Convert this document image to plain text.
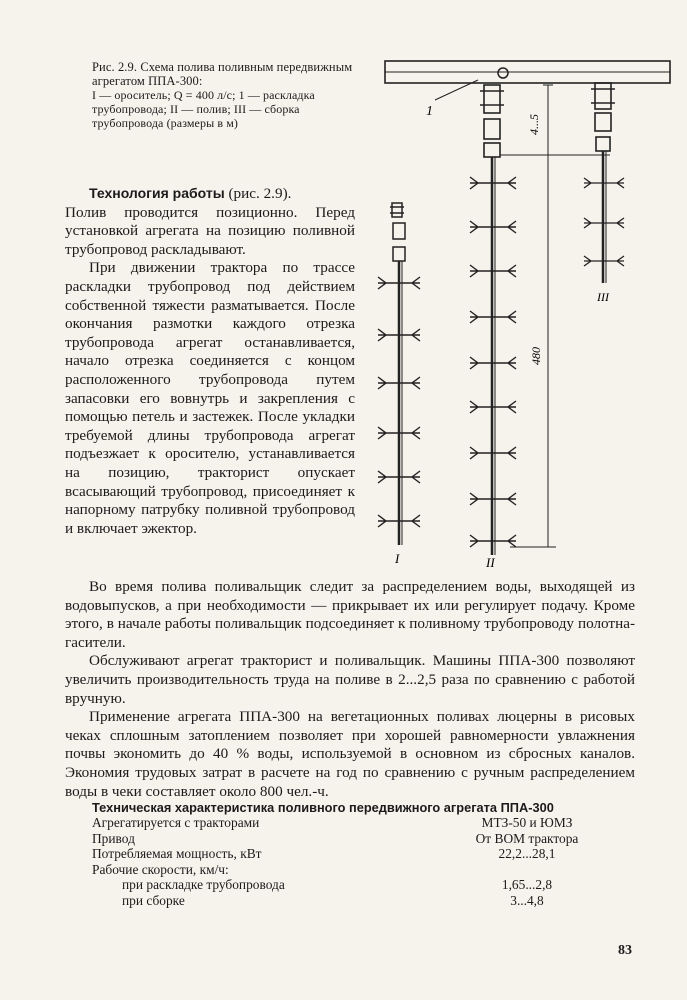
Рис. 2.9. Схема полива поливным передвижным агрегатом ППА-300:
I — ороситель; Q = 400 л/с; 1 — раскладка трубопровода; II — полив; III — сборка трубопровода (размеры в м)
1
I	II
4...5
480
III

Технология работы (рис. 2.9).

Полив проводится позиционно. Перед установкой агрегата на позицию поливной трубопровод раскладывают.

При движении трактора по трассе раскладки трубопровод под действием собственной тяжести разматывается. После окончания размотки каждого отрезка трубопровода агрегат останавливается, начало отрезка соединяется с концом расположенного трубопровода путем запасовки его вовнутрь и закрепления с помощью петель и застежек. После укладки требуемой длины трубопровода агрегат подъезжает к оросителю, устанавливается на позицию, тракторист опускает всасывающий трубопровод, присоединяет к напорному патрубку поливной трубопровод и включает эжектор.

Во время полива поливальщик следит за распределением воды, выходящей из водовыпусков, а при необходимости — прикрывает их или регулирует подачу. Кроме этого, в начале работы поливальщик подсоединяет к поливному трубопроводу полотна-гасители.

Обслуживают агрегат тракторист и поливальщик. Машины ППА-300 позволяют увеличить производительность труда на поливе в 2...2,5 раза по сравнению с работой вручную.

Применение агрегата ППА-300 на вегетационных поливах люцерны в рисовых чеках сплошным затоплением позволяет при хорошей равномерности увлажнения почвы экономить до 40 % воды, используемой в основном из сбросных каналов. Экономия трудовых затрат в расчете на год по сравнению с ручным распределением воды в чеки составляет около 800 чел.-ч.

Техническая характеристика поливного передвижного агрегата ППА-300
Агрегатируется с тракторами	МТЗ-50 и ЮМЗ
Привод	От ВОМ трактора
Потребляемая мощность, кВт	22,2...28,1
Рабочие скорости, км/ч:
при раскладке трубопровода	1,65...2,8
при сборке	3...4,8
83
